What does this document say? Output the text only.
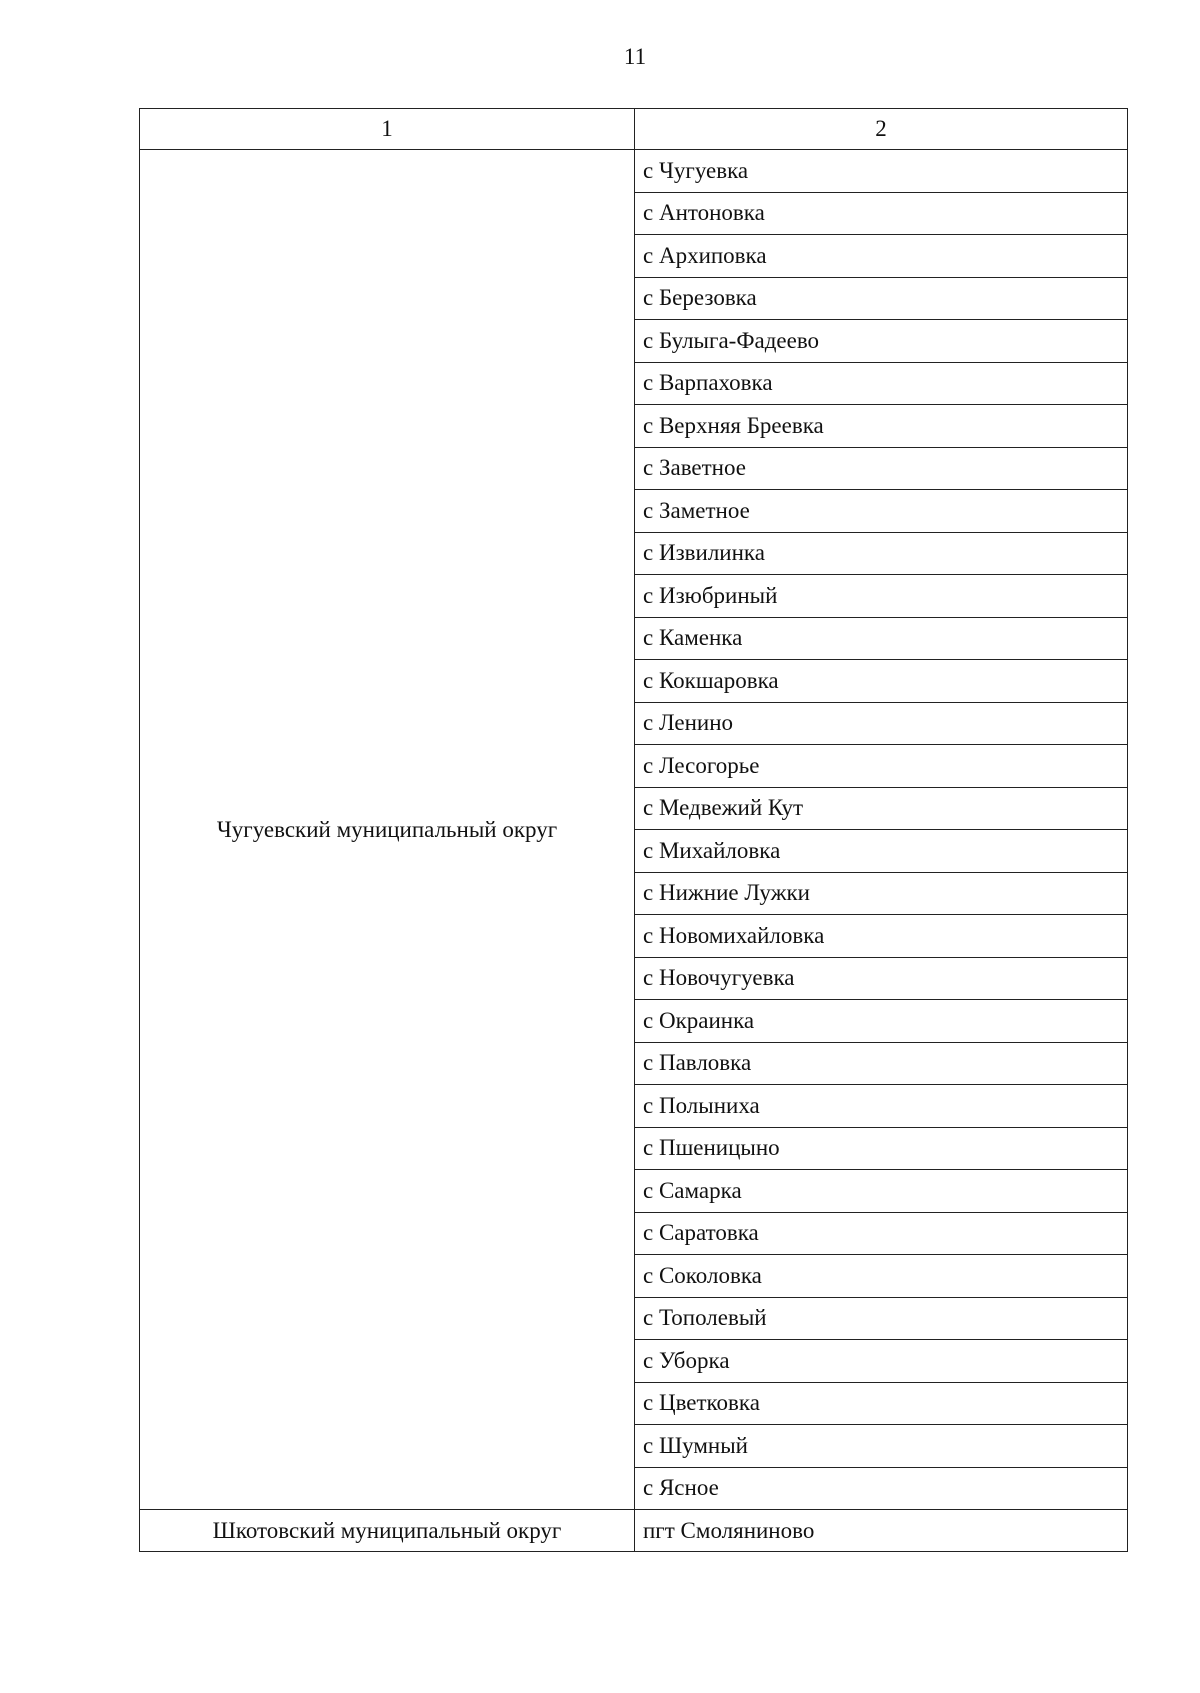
11
1	2
Чугуевский муниципальный округ	с Чугуевка
	с Антоновка
	с Архиповка
	с Березовка
	с Булыга-Фадеево
	с Варпаховка
	с Верхняя Бреевка
	с Заветное
	с Заметное
	с Извилинка
	с Изюбриный
	с Каменка
	с Кокшаровка
	с Ленино
	с Лесогорье
	с Медвежий Кут
	с Михайловка
	с Нижние Лужки
	с Новомихайловка
	с Новочугуевка
	с Окраинка
	с Павловка
	с Полыниха
	с Пшеницыно
	с Самарка
	с Саратовка
	с Соколовка
	с Тополевый
	с Уборка
	с Цветковка
	с Шумный
	с Ясное
Шкотовский муниципальный округ	пгт Смоляниново
